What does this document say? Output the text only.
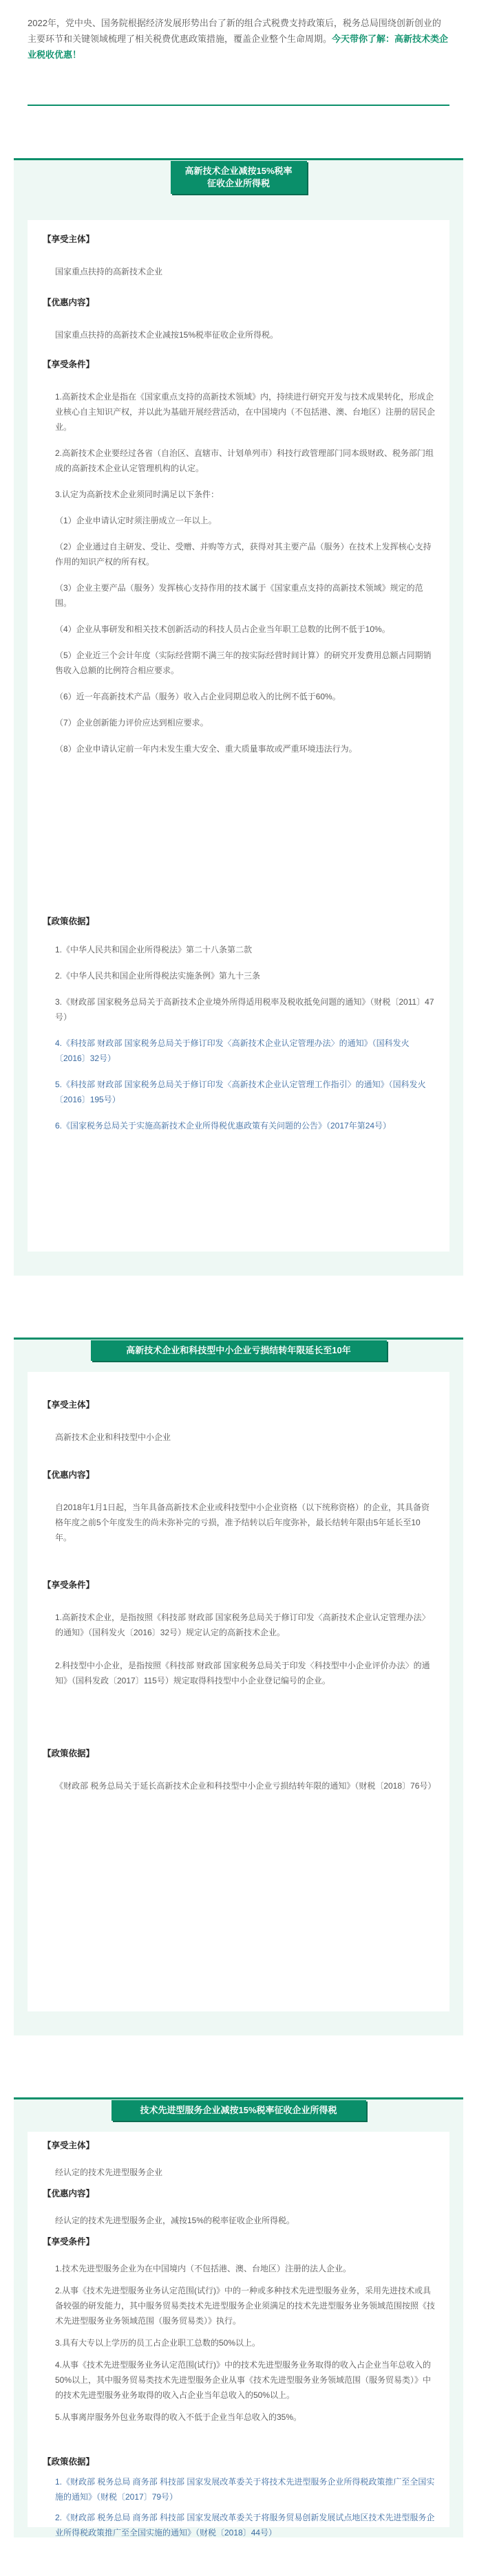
2022年，党中央、国务院根据经济发展形势出台了新的组合式税费支持政策后，税务总局围绕创新创业的主要环节和关键领域梳理了相关税费优惠政策措施，覆盖企业整个生命周期。今天带你了解：高新技术类企业税收优惠！
高新技术企业减按15%税率
征收企业所得税
【享受主体】
国家重点扶持的高新技术企业
【优惠内容】
国家重点扶持的高新技术企业减按15%税率征收企业所得税。
【享受条件】
1.高新技术企业是指在《国家重点支持的高新技术领域》内，持续进行研究开发与技术成果转化，形成企业核心自主知识产权，并以此为基础开展经营活动，在中国境内（不包括港、澳、台地区）注册的居民企业。
2.高新技术企业要经过各省（自治区、直辖市、计划单列市）科技行政管理部门同本级财政、税务部门组成的高新技术企业认定管理机构的认定。
3.认定为高新技术企业须同时满足以下条件：
（1）企业申请认定时须注册成立一年以上。
（2）企业通过自主研发、受让、受赠、并购等方式，获得对其主要产品（服务）在技术上发挥核心支持作用的知识产权的所有权。
（3）企业主要产品（服务）发挥核心支持作用的技术属于《国家重点支持的高新技术领域》规定的范围。
（4）企业从事研发和相关技术创新活动的科技人员占企业当年职工总数的比例不低于10%。
（5）企业近三个会计年度（实际经营期不满三年的按实际经营时间计算）的研究开发费用总额占同期销售收入总额的比例符合相应要求。
（6）近一年高新技术产品（服务）收入占企业同期总收入的比例不低于60%。
（7）企业创新能力评价应达到相应要求。
（8）企业申请认定前一年内未发生重大安全、重大质量事故或严重环境违法行为。
【政策依据】
1.《中华人民共和国企业所得税法》第二十八条第二款
2.《中华人民共和国企业所得税法实施条例》第九十三条
3.《财政部 国家税务总局关于高新技术企业境外所得适用税率及税收抵免问题的通知》（财税〔2011〕47号）
4.《科技部 财政部 国家税务总局关于修订印发〈高新技术企业认定管理办法〉的通知》（国科发火〔2016〕32号）
5.《科技部 财政部 国家税务总局关于修订印发〈高新技术企业认定管理工作指引〉的通知》（国科发火〔2016〕195号）
6.《国家税务总局关于实施高新技术企业所得税优惠政策有关问题的公告》（2017年第24号）
高新技术企业和科技型中小企业亏损结转年限延长至10年
【享受主体】
高新技术企业和科技型中小企业
【优惠内容】
自2018年1月1日起，当年具备高新技术企业或科技型中小企业资格（以下统称资格）的企业，其具备资格年度之前5个年度发生的尚未弥补完的亏损，准予结转以后年度弥补，最长结转年限由5年延长至10年。
【享受条件】
1.高新技术企业，是指按照《科技部 财政部 国家税务总局关于修订印发〈高新技术企业认定管理办法〉的通知》（国科发火〔2016〕32号）规定认定的高新技术企业。
2.科技型中小企业，是指按照《科技部 财政部 国家税务总局关于印发〈科技型中小企业评价办法〉的通知》（国科发政〔2017〕115号）规定取得科技型中小企业登记编号的企业。
【政策依据】
《财政部 税务总局关于延长高新技术企业和科技型中小企业亏损结转年限的通知》（财税〔2018〕76号）
技术先进型服务企业减按15%税率征收企业所得税
【享受主体】
经认定的技术先进型服务企业
【优惠内容】
经认定的技术先进型服务企业，减按15%的税率征收企业所得税。
【享受条件】
1.技术先进型服务企业为在中国境内（不包括港、澳、台地区）注册的法人企业。
2.从事《技术先进型服务业务认定范围(试行)》中的一种或多种技术先进型服务业务，采用先进技术或具备较强的研发能力，其中服务贸易类技术先进型服务企业须满足的技术先进型服务业务领域范围按照《技术先进型服务业务领域范围（服务贸易类）》执行。
3.具有大专以上学历的员工占企业职工总数的50%以上。
4.从事《技术先进型服务业务认定范围(试行)》中的技术先进型服务业务取得的收入占企业当年总收入的50%以上，其中服务贸易类技术先进型服务企业从事《技术先进型服务业务领域范围（服务贸易类）》中的技术先进型服务业务取得的收入占企业当年总收入的50%以上。
5.从事离岸服务外包业务取得的收入不低于企业当年总收入的35%。
【政策依据】
1.《财政部 税务总局 商务部 科技部 国家发展改革委关于将技术先进型服务企业所得税政策推广至全国实施的通知》（财税〔2017〕79号）
2.《财政部 税务总局 商务部 科技部 国家发展改革委关于将服务贸易创新发展试点地区技术先进型服务企业所得税政策推广至全国实施的通知》（财税〔2018〕44号）
